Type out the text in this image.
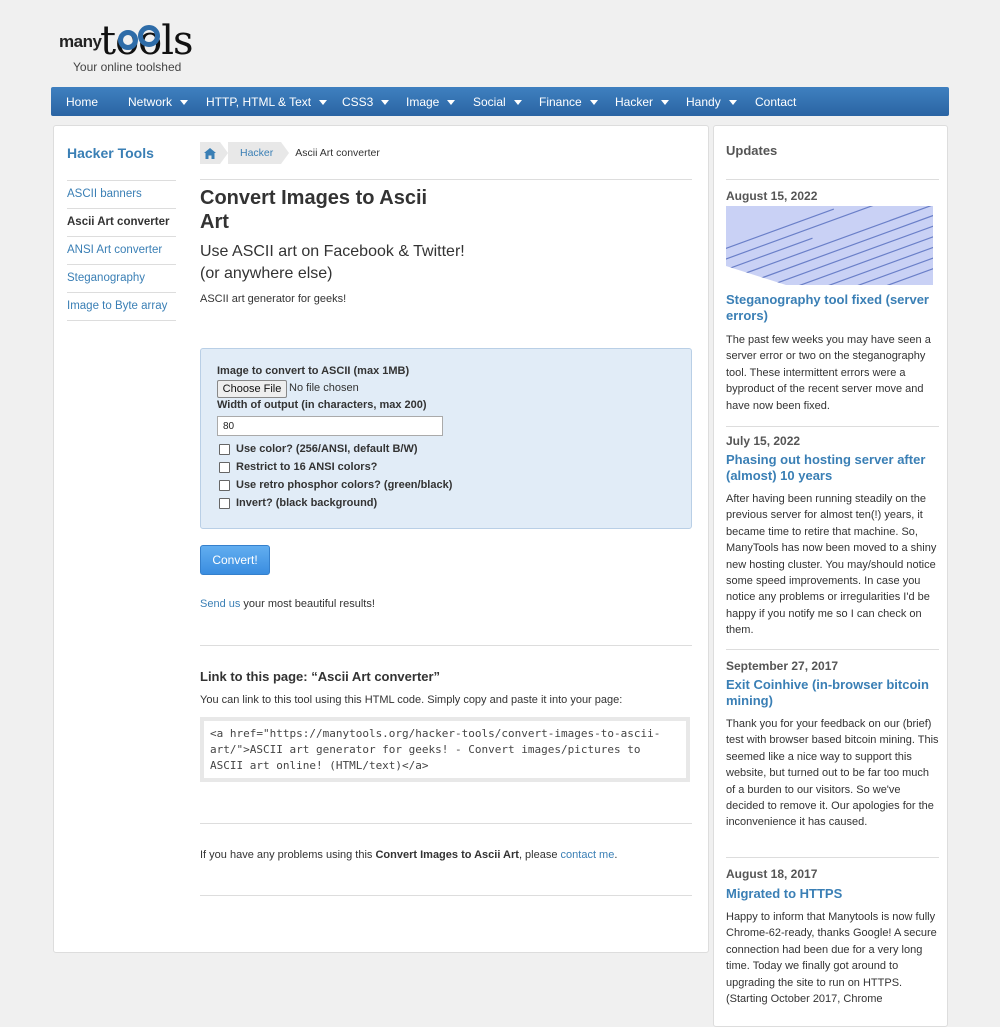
many
tools
Your online toolshed
Home Network	HTTP, HTML & Text	CSS3	Image	Social	Finance	Hacker	Handy	Contact
Hacker Tools
ASCII banners
Ascii Art converter
ANSI Art converter
Steganography
Image to Byte array
Hacker	Ascii Art converter
Convert Images to Ascii Art
Use ASCII art on Facebook & Twitter!
(or anywhere else)
ASCII art generator for geeks!
Image to convert to ASCII (max 1MB)
Choose File No file chosen
Width of output (in characters, max 200)
80
Use color? (256/ANSI, default B/W)
Restrict to 16 ANSI colors?
Use retro phosphor colors? (green/black)
Invert? (black background)
Convert!
Send us your most beautiful results!
Link to this page: “Ascii Art converter”
You can link to this tool using this HTML code. Simply copy and paste it into your page:
<a href="https://manytools.org/hacker-tools/convert-images-to-ascii-art/">ASCII art generator for geeks! - Convert images/pictures to ASCII art online! (HTML/text)</a>
If you have any problems using this Convert Images to Ascii Art, please contact me.
Updates
August 15, 2022
Steganography tool fixed (server errors)
The past few weeks you may have seen a server error or two on the steganography tool. These intermittent errors were a byproduct of the recent server move and have now been fixed.
July 15, 2022
Phasing out hosting server after (almost) 10 years
After having been running steadily on the previous server for almost ten(!) years, it became time to retire that machine. So, ManyTools has now been moved to a shiny new hosting cluster. You may/should notice some speed improvements. In case you notice any problems or irregularities I'd be happy if you notify me so I can check on them.
September 27, 2017
Exit Coinhive (in-browser bitcoin mining)
Thank you for your feedback on our (brief) test with browser based bitcoin mining. This seemed like a nice way to support this website, but turned out to be far too much of a burden to our visitors. So we've decided to remove it. Our apologies for the inconvenience it has caused.
August 18, 2017
Migrated to HTTPS
Happy to inform that Manytools is now fully Chrome-62-ready, thanks Google! A secure connection had been due for a very long time. Today we finally got around to upgrading the site to run on HTTPS. (Starting October 2017, Chrome
